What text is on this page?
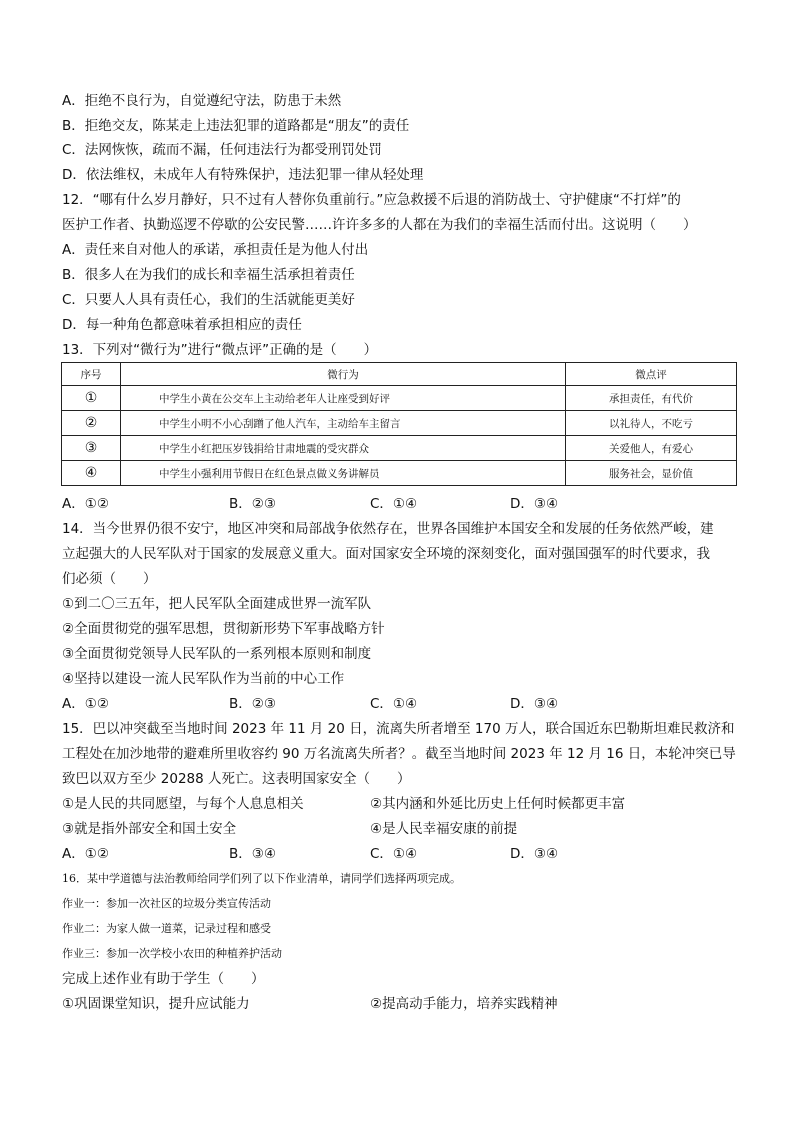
A．拒绝不良行为，自觉遵纪守法，防患于未然
B．拒绝交友，陈某走上违法犯罪的道路都是“朋友”的责任
C．法网恢恢，疏而不漏，任何违法行为都受刑罚处罚
D．依法维权，未成年人有特殊保护，违法犯罪一律从轻处理
12．“哪有什么岁月静好，只不过有人替你负重前行。”应急救援不后退的消防战士、守护健康“不打烊”的
医护工作者、执勤巡逻不停歇的公安民警……许许多多的人都在为我们的幸福生活而付出。这说明（　　）
A．责任来自对他人的承诺，承担责任是为他人付出
B．很多人在为我们的成长和幸福生活承担着责任
C．只要人人具有责任心，我们的生活就能更美好
D．每一种角色都意味着承担相应的责任
13．下列对“微行为”进行“微点评”正确的是（　　）
序号	微行为	微点评
①	中学生小黄在公交车上主动给老年人让座受到好评	承担责任，有代价
②	中学生小明不小心刮蹭了他人汽车，主动给车主留言	以礼待人，不吃亏
③	中学生小红把压岁钱捐给甘肃地震的受灾群众	关爱他人，有爱心
④	中学生小强利用节假日在红色景点做义务讲解员	服务社会，显价值
A．①②	B．②③	C．①④	D．③④
14．当今世界仍很不安宁，地区冲突和局部战争依然存在，世界各国维护本国安全和发展的任务依然严峻，建
立起强大的人民军队对于国家的发展意义重大。面对国家安全环境的深刻变化，面对强国强军的时代要求，我
们必须（　　）
①到二〇三五年，把人民军队全面建成世界一流军队
②全面贯彻党的强军思想，贯彻新形势下军事战略方针
③全面贯彻党领导人民军队的一系列根本原则和制度
④坚持以建设一流人民军队作为当前的中心工作
A．①②	B．②③	C．①④	D．③④
15．巴以冲突截至当地时间 2023 年 11 月 20 日，流离失所者增至 170 万人，联合国近东巴勒斯坦难民救济和
工程处在加沙地带的避难所里收容约 90 万名流离失所者？。截至当地时间 2023 年 12 月 16 日，本轮冲突已导
致巴以双方至少 20288 人死亡。这表明国家安全（　　）
①是人民的共同愿望，与每个人息息相关	②其内涵和外延比历史上任何时候都更丰富
③就是指外部安全和国土安全	④是人民幸福安康的前提
A．①②	B．③④	C．①④	D．③④
16．某中学道德与法治教师给同学们列了以下作业清单，请同学们选择两项完成。
作业一：参加一次社区的垃圾分类宣传活动
作业二：为家人做一道菜，记录过程和感受
作业三：参加一次学校小农田的种植养护活动
完成上述作业有助于学生（　　）
①巩固课堂知识，提升应试能力	②提高动手能力，培养实践精神
